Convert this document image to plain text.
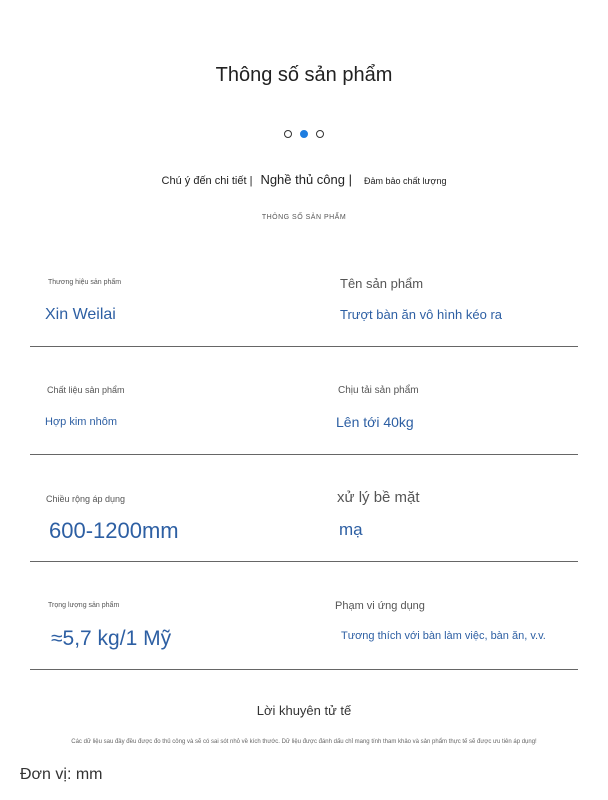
Thông số sản phẩm
Chú ý đến chi tiết | Nghề thủ công | Đảm bảo chất lượng
THÔNG SỐ SẢN PHẨM
Thương hiệu sản phẩm
Xin Weilai
Tên sản phẩm
Trượt bàn ăn vô hình kéo ra
Chất liệu sản phẩm
Hợp kim nhôm
Chịu tải sản phẩm
Lên tới 40kg
Chiều rộng áp dụng
600-1200mm
xử lý bề mặt
mạ
Trọng lượng sản phẩm
≈5,7 kg/1 Mỹ
Phạm vi ứng dụng
Tương thích với bàn làm việc, bàn ăn, v.v.
Lời khuyên tử tế
Các dữ liệu sau đây đều được đo thủ công và sẽ có sai sót nhỏ về kích thước. Dữ liệu được đánh dấu chỉ mang tính tham khảo và sản phẩm thực tế sẽ được ưu tiên áp dụng!
Đơn vị: mm
